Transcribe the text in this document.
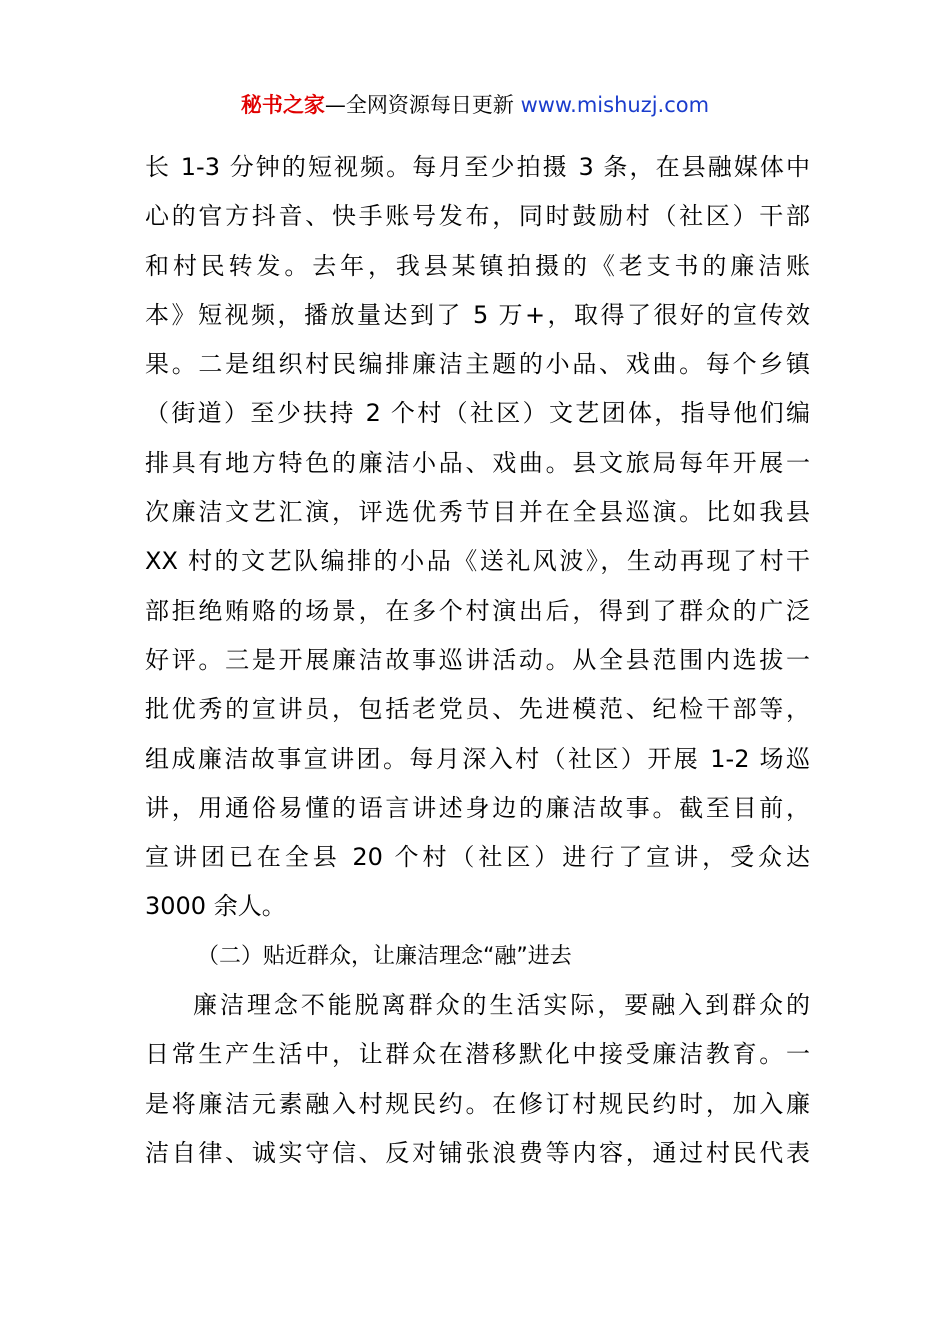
秘书之家—全网资源每日更新 www.mishuzj.com
长 1-3 分钟的短视频。每月至少拍摄 3 条，在县融媒体中
心的官方抖音、快手账号发布，同时鼓励村（社区）干部
和村民转发。去年，我县某镇拍摄的《老支书的廉洁账
本》短视频，播放量达到了 5 万+，取得了很好的宣传效
果。二是组织村民编排廉洁主题的小品、戏曲。每个乡镇
（街道）至少扶持 2 个村（社区）文艺团体，指导他们编
排具有地方特色的廉洁小品、戏曲。县文旅局每年开展一
次廉洁文艺汇演，评选优秀节目并在全县巡演。比如我县
XX 村的文艺队编排的小品《送礼风波》，生动再现了村干
部拒绝贿赂的场景，在多个村演出后，得到了群众的广泛
好评。三是开展廉洁故事巡讲活动。从全县范围内选拔一
批优秀的宣讲员，包括老党员、先进模范、纪检干部等，
组成廉洁故事宣讲团。每月深入村（社区）开展 1-2 场巡
讲，用通俗易懂的语言讲述身边的廉洁故事。截至目前，
宣讲团已在全县 20 个村（社区）进行了宣讲，受众达
3000 余人。
（二）贴近群众，让廉洁理念“融”进去
廉洁理念不能脱离群众的生活实际，要融入到群众的
日常生产生活中，让群众在潜移默化中接受廉洁教育。一
是将廉洁元素融入村规民约。在修订村规民约时，加入廉
洁自律、诚实守信、反对铺张浪费等内容，通过村民代表
